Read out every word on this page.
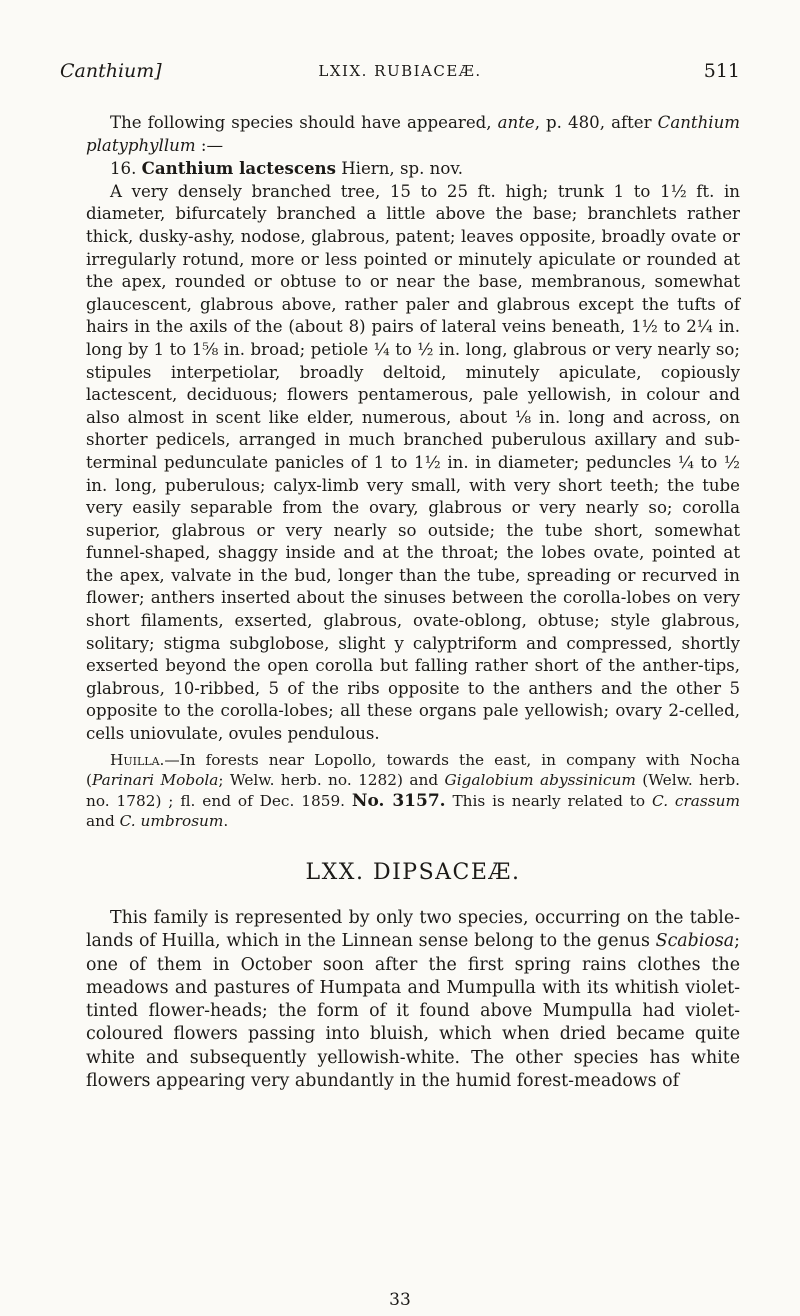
Canthium]	LXIX. RUBIACEÆ.	511

The following species should have appeared, ante, p. 480, after Canthium platyphyllum :—

16. Canthium lactescens Hiern, sp. nov.

A very densely branched tree, 15 to 25 ft. high; trunk 1 to 1½ ft. in diameter, bifurcately branched a little above the base; branchlets rather thick, dusky-ashy, nodose, glabrous, patent; leaves opposite, broadly ovate or irregularly rotund, more or less pointed or minutely apiculate or rounded at the apex, rounded or obtuse to or near the base, membranous, somewhat glaucescent, glabrous above, rather paler and glabrous except the tufts of hairs in the axils of the (about 8) pairs of lateral veins beneath, 1½ to 2¼ in. long by 1 to 1⅝ in. broad; petiole ¼ to ½ in. long, glabrous or very nearly so; stipules interpetiolar, broadly deltoid, minutely apiculate, copiously lactescent, deciduous; flowers pentamerous, pale yellowish, in colour and also almost in scent like elder, numerous, about ⅛ in. long and across, on shorter pedicels, arranged in much branched puberulous axillary and sub-terminal pedunculate panicles of 1 to 1½ in. in diameter; peduncles ¼ to ½ in. long, puberulous; calyx-limb very small, with very short teeth; the tube very easily separable from the ovary, glabrous or very nearly so; corolla superior, glabrous or very nearly so outside; the tube short, somewhat funnel-shaped, shaggy inside and at the throat; the lobes ovate, pointed at the apex, valvate in the bud, longer than the tube, spreading or recurved in flower; anthers inserted about the sinuses between the corolla-lobes on very short filaments, exserted, glabrous, ovate-oblong, obtuse; style glabrous, solitary; stigma subglobose, slight y calyptriform and compressed, shortly exserted beyond the open corolla but falling rather short of the anther-tips, glabrous, 10-ribbed, 5 of the ribs opposite to the anthers and the other 5 opposite to the corolla-lobes; all these organs pale yellowish; ovary 2-celled, cells uniovulate, ovules pendulous.

Huilla.—In forests near Lopollo, towards the east, in company with Nocha (Parinari Mobola; Welw. herb. no. 1282) and Gigalobium abyssinicum (Welw. herb. no. 1782) ; fl. end of Dec. 1859. No. 3157. This is nearly related to C. crassum and C. umbrosum.

LXX. DIPSACEÆ.

This family is represented by only two species, occurring on the table-lands of Huilla, which in the Linnean sense belong to the genus Scabiosa; one of them in October soon after the first spring rains clothes the meadows and pastures of Humpata and Mumpulla with its whitish violet-tinted flower-heads; the form of it found above Mumpulla had violet-coloured flowers passing into bluish, which when dried became quite white and subsequently yellowish-white. The other species has white flowers appearing very abundantly in the humid forest-meadows of

33
